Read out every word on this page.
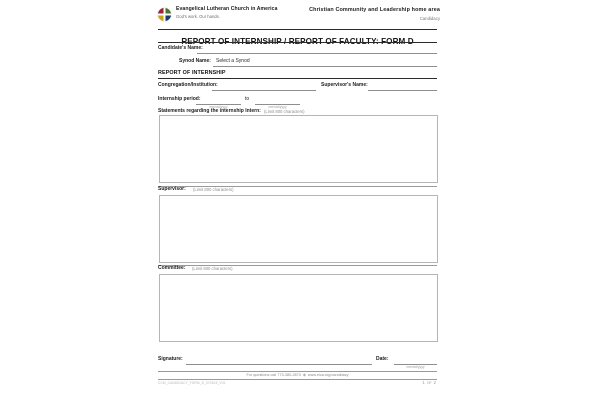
Evangelical Lutheran Church in America
God's work. Our hands.
Christian Community and Leadership home area
Candidacy
REPORT OF INTERNSHIP / REPORT OF FACULTY: FORM D
Candidate's Name:
Synod Name: Select a Synod
REPORT OF INTERNSHIP
Congregation/Institution:	Supervisor's Name:
Internship period:
mm/dd/yyyy
to
mm/dd/yyyy
Statements regarding the internship Intern: (Limit 800 characters)
Supervisor: (Limit 800 characters)
Committee: (Limit 800 characters)
Signature:	Date:
mm/dd/yyyy
For questions call 773-380-2870 ◆ www.elca.org/candidacy
CCM_CANDIDACY_FORM_D_070515_V01	1 OF 2
